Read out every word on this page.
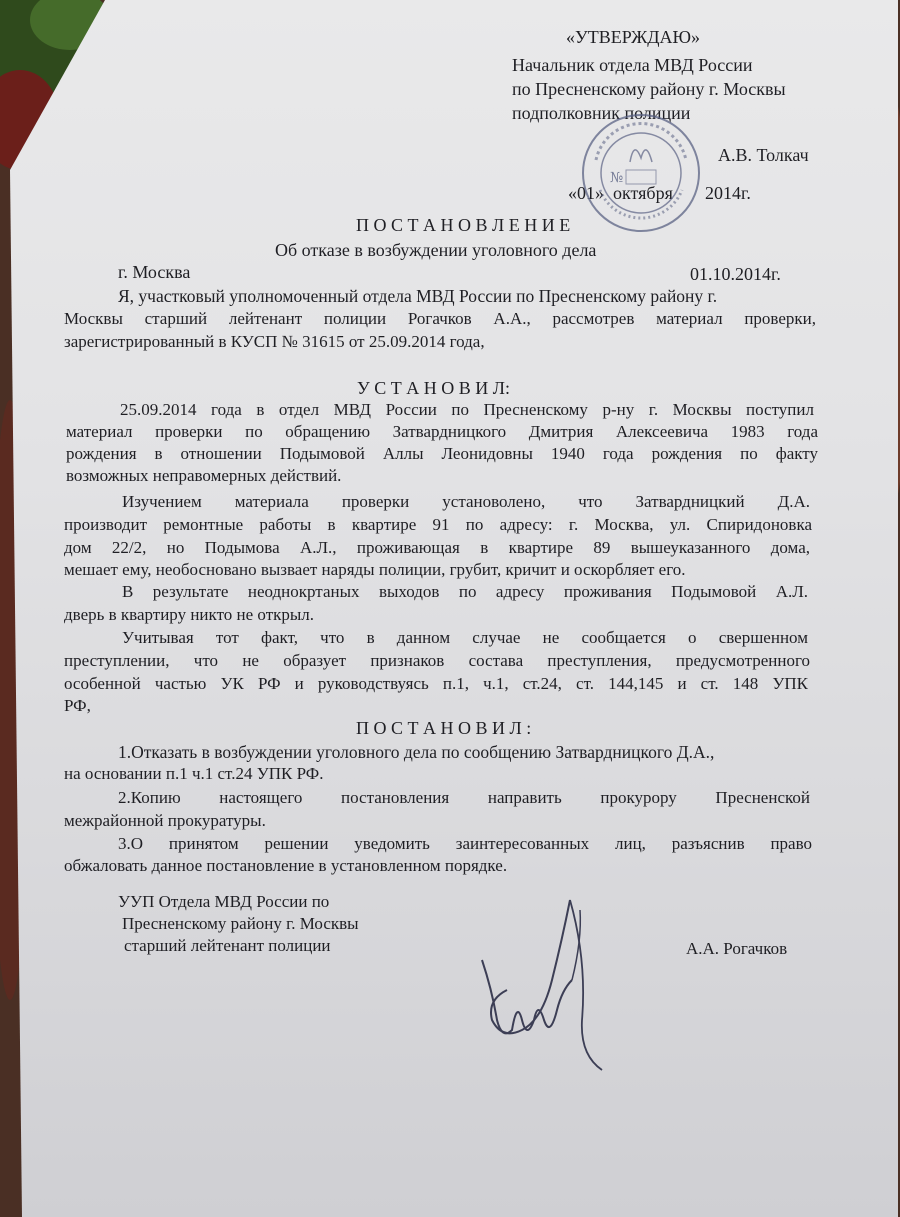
«УТВЕРЖДАЮ»
Начальник отдела МВД России
по Пресненскому району г. Москвы
подполковник полиции
А.В. Толкач
«01» октября 2014г.
№
П О С Т А Н О В Л Е Н И Е
Об отказе в возбуждении уголовного дела
г. Москва	01.10.2014г.
Я, участковый уполномоченный отдела МВД России по Пресненскому району г.
Москвы старший лейтенант полиции Рогачков А.А., рассмотрев материал проверки,
зарегистрированный в КУСП № 31615 от 25.09.2014 года,
У С Т А Н О В И Л:
25.09.2014 года в отдел МВД России по Пресненскому р-ну г. Москвы поступил
материал проверки по обращению Затвардницкого Дмитрия Алексеевича 1983 года
рождения в отношении Подымовой Аллы Леонидовны 1940 года рождения по факту
возможных неправомерных действий.
Изучением материала проверки установолено, что Затвардницкий Д.А.
производит ремонтные работы в квартире 91 по адресу: г. Москва, ул. Спиридоновка
дом 22/2, но Подымова А.Л., проживающая в квартире 89 вышеуказанного дома,
мешает ему, необосновано вызвает наряды полиции, грубит, кричит и оскорбляет его.
В результате неоднокртаных выходов по адресу проживания Подымовой А.Л.
дверь в квартиру никто не открыл.
Учитывая тот факт, что в данном случае не сообщается о свершенном
преступлении, что не образует признаков состава преступления, предусмотренного
особенной частью УК РФ и руководствуясь п.1, ч.1, ст.24, ст. 144,145 и ст. 148 УПК
РФ,
П О С Т А Н О В И Л :
1.Отказать в возбуждении уголовного дела по сообщению Затвардницкого Д.А.,
на основании п.1 ч.1 ст.24 УПК РФ.
2.Копию настоящего постановления направить прокурору Пресненской
межрайонной прокуратуры.
3.О принятом решении уведомить заинтересованных лиц, разъяснив право
обжаловать данное постановление в установленном порядке.
УУП Отдела МВД России по
Пресненскому району г. Москвы
старший лейтенант полиции	А.А. Рогачков
